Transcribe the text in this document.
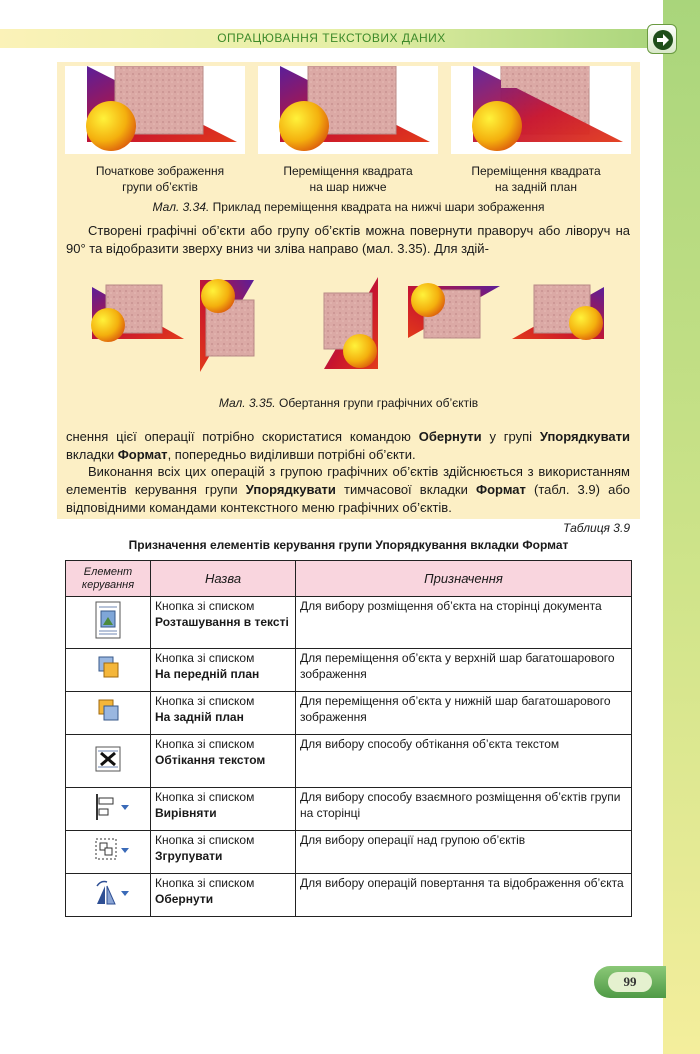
ОПРАЦЮВАННЯ ТЕКСТОВИХ ДАНИХ
Початкове зображення
групи об’єктів
Переміщення квадрата
на шар нижче
Переміщення квадрата
на задній план
Мал. 3.34. Приклад переміщення квадрата на нижчі шари зображення
Створені графічні об’єкти або групу об’єктів можна повернути праворуч або ліворуч на 90° та відобразити зверху вниз чи зліва направо (мал. 3.35). Для здій-
Мал. 3.35. Обертання групи графічних об’єктів
снення цієї операції потрібно скористатися командою Обернути у групі Упорядкувати вкладки Формат, попередньо виділивши потрібні об’єкти.
Виконання всіх цих операцій з групою графічних об’єктів здійснюється з використанням елементів керування групи Упорядкувати тимчасової вкладки Формат (табл. 3.9) або відповідними командами контекстного меню графічних об’єктів.
Таблиця 3.9
Призначення елементів керування групи Упорядкування вкладки Формат
Елемент керування	Назва	Призначення

Кнопка зі списком
Розташування в тексті	Для вибору розміщення об’єкта на сторінці документа

Кнопка зі списком
На передній план	Для переміщення об’єкта у верхній шар багатошарового зображення

Кнопка зі списком
На задній план	Для переміщення об’єкта у нижній шар багатошарового зображення

Кнопка зі списком
Обтікання текстом	Для вибору способу обтікання об’єкта текстом

Кнопка зі списком
Вирівняти	Для вибору способу взаємного розміщення об’єктів групи на сторінці

Кнопка зі списком
Згрупувати	Для вибору операції над групою об’єктів

Кнопка зі списком
Обернути	Для вибору операцій повертання та відображення об’єкта
99
